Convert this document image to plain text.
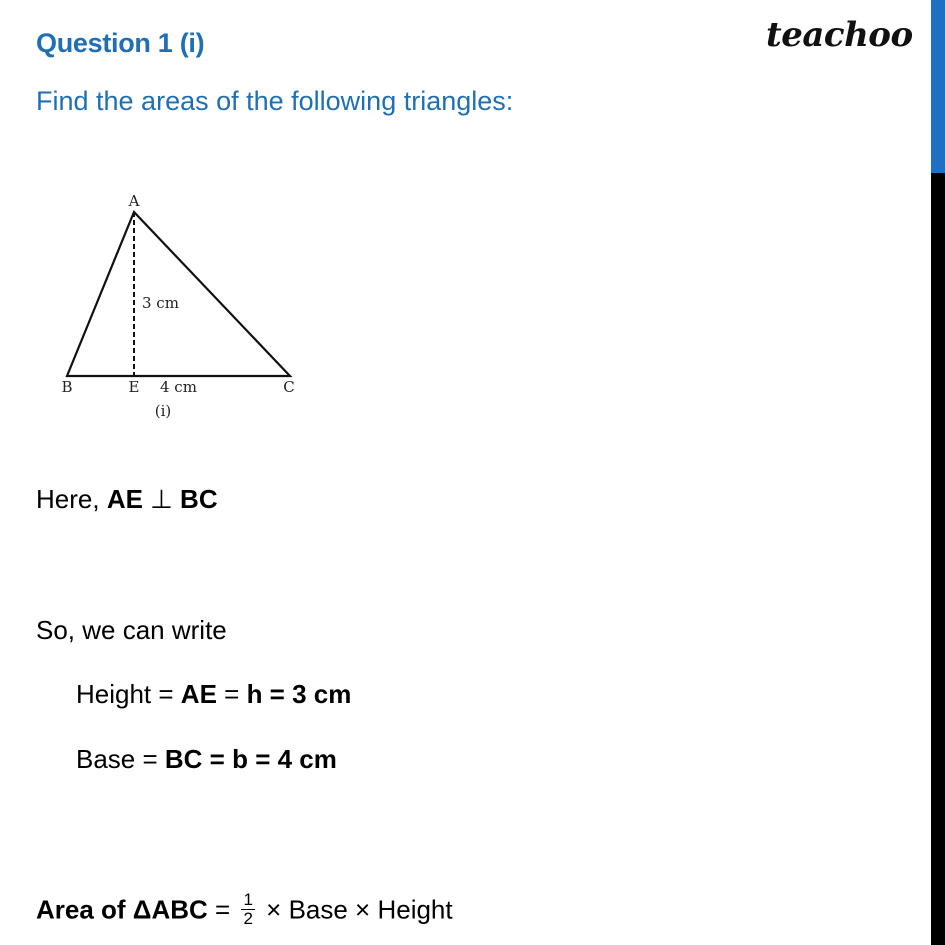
Question 1 (i)
Find the areas of the following triangles:
teachoo
A
B	E	C
3 cm
4 cm
(i)
Here, AE ⊥ BC
So, we can write
Height = AE = h = 3 cm
Base = BC = b = 4 cm
Area of $\Delta ABC = \frac{1}{2}$ × Base × Height
